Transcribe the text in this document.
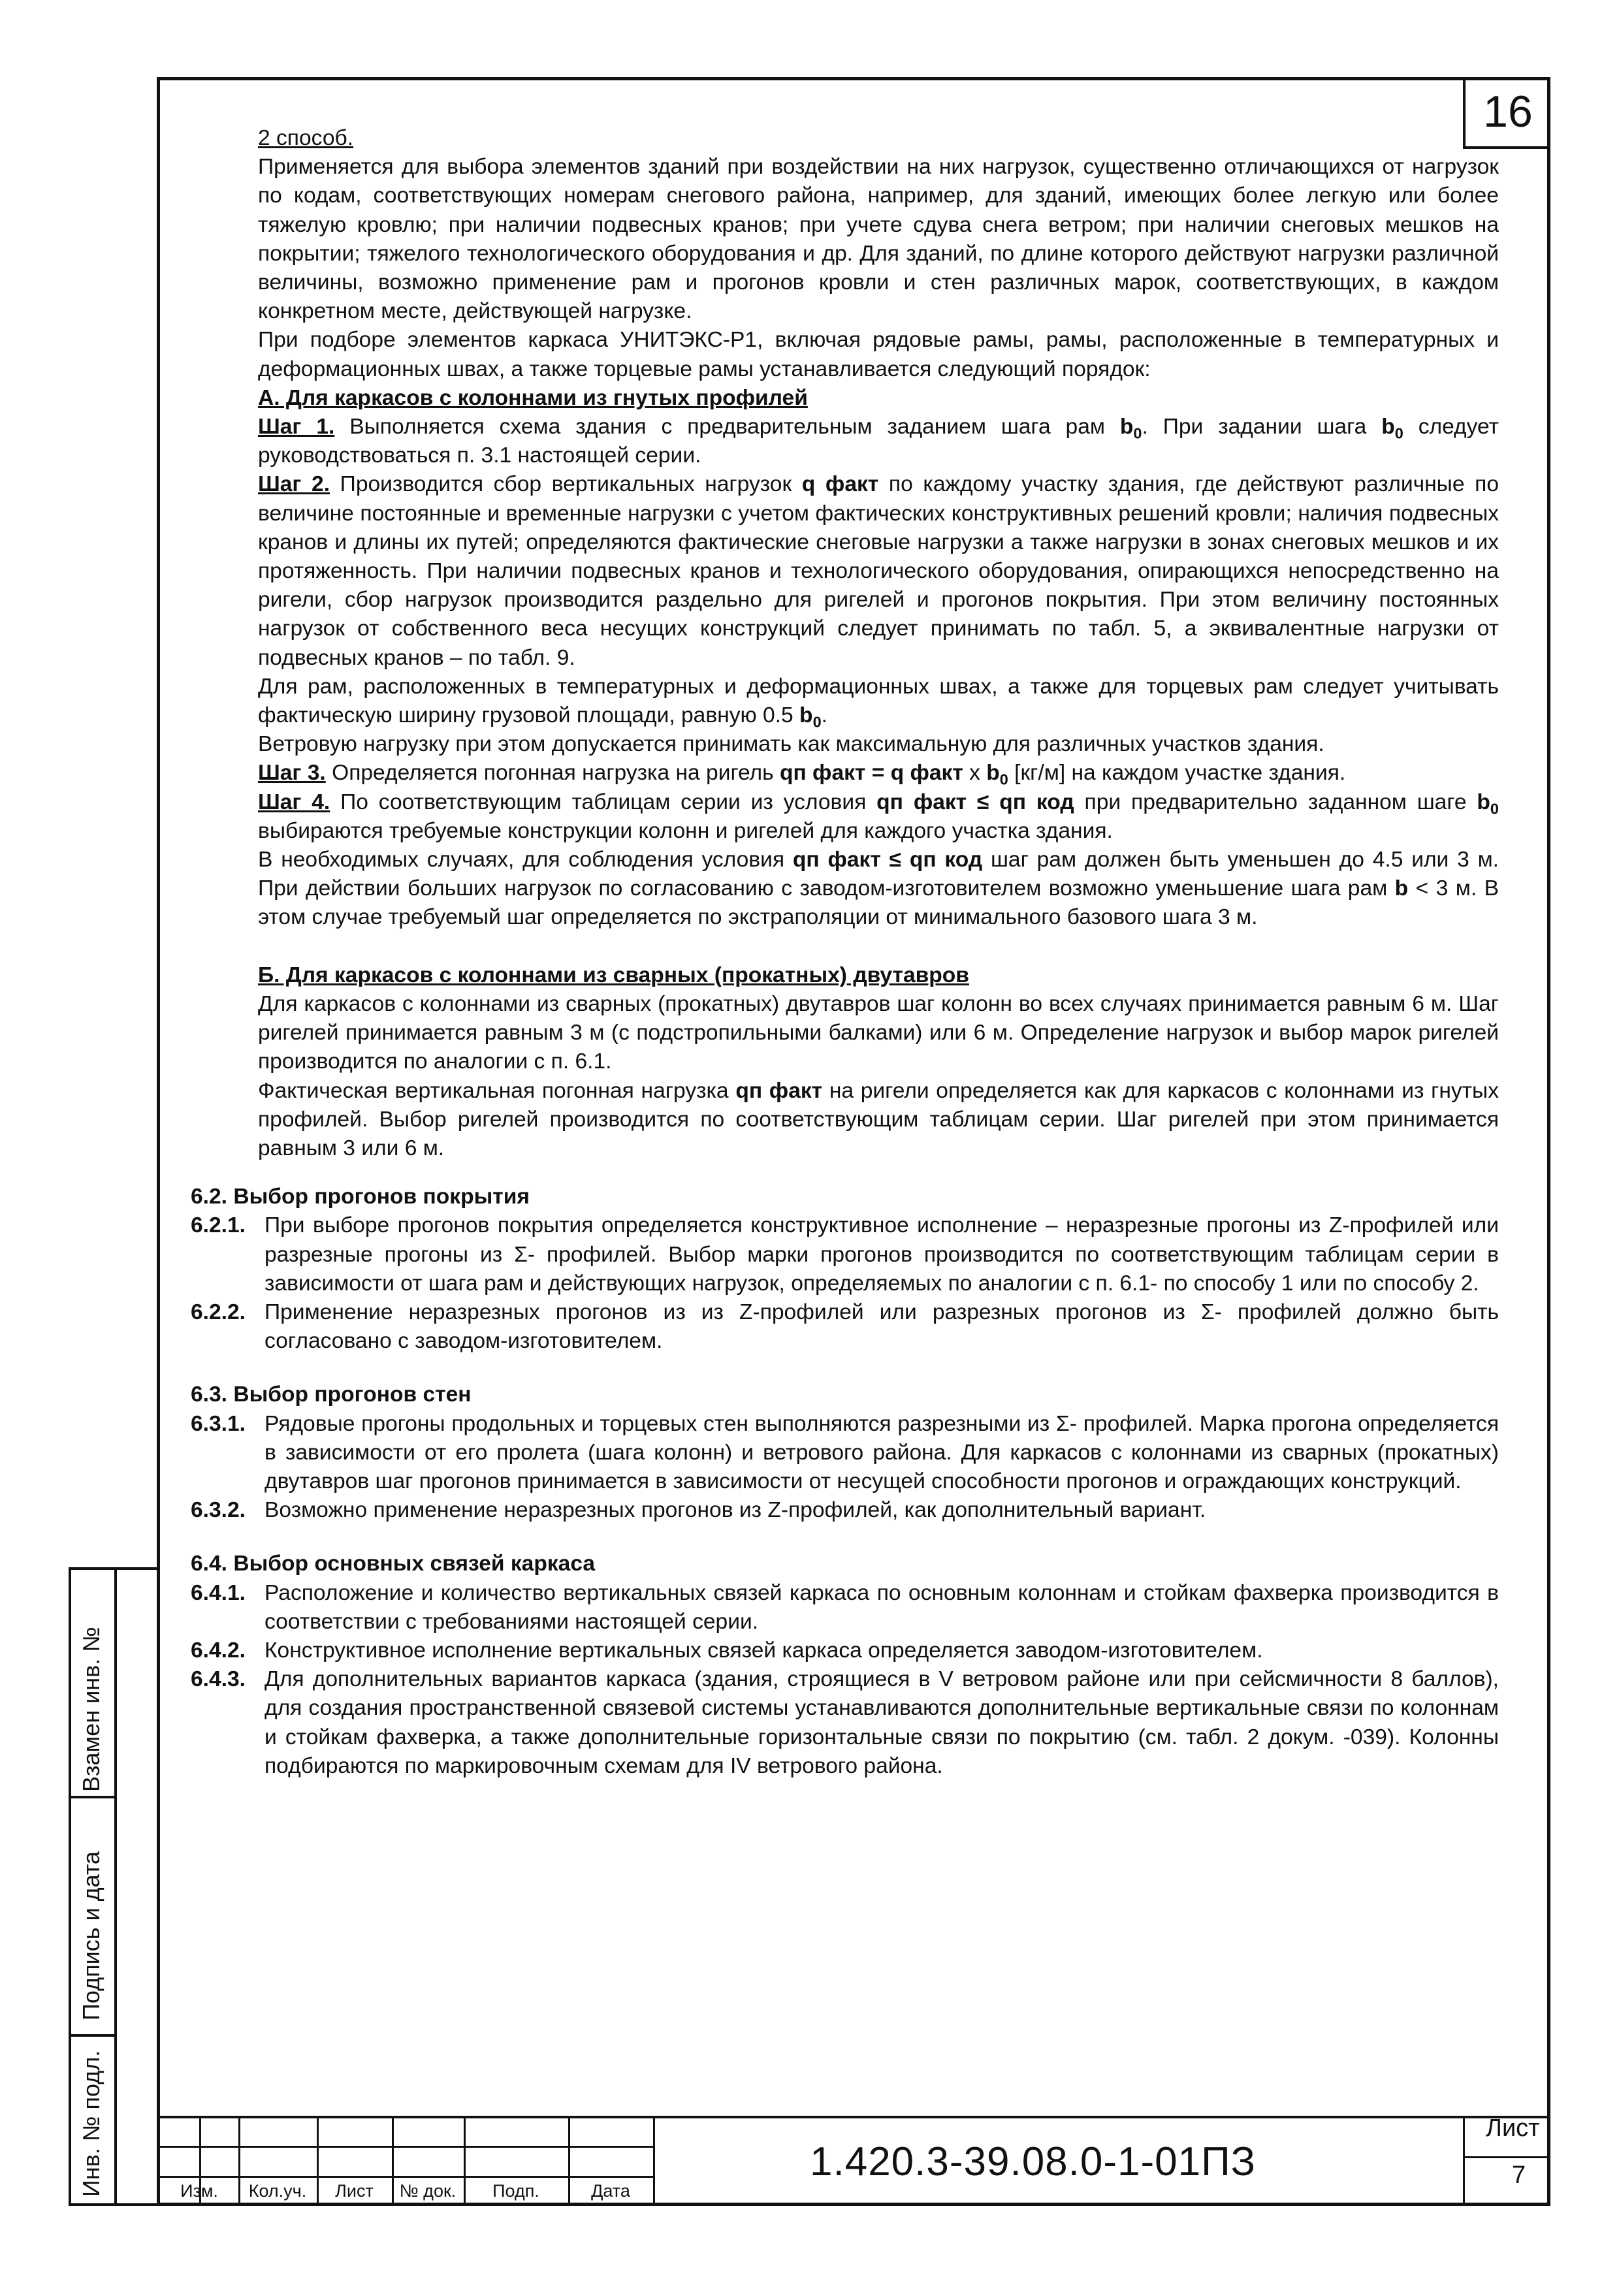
16
2 способ.
Применяется для выбора элементов зданий при воздействии на них нагрузок, существенно отличающихся от нагрузок по кодам, соответствующих номерам снегового района, например, для зданий, имеющих более легкую или более тяжелую кровлю; при наличии подвесных кранов; при учете сдува снега ветром; при наличии снеговых мешков на покрытии; тяжелого технологического оборудования и др. Для зданий, по длине которого действуют нагрузки различной величины, возможно применение рам и прогонов кровли и стен различных марок, соответствующих, в каждом конкретном месте, действующей нагрузке.
При подборе элементов каркаса УНИТЭКС-Р1, включая рядовые рамы, рамы, расположенные в температурных и деформационных швах, а также торцевые рамы устанавливается следующий порядок:
А. Для каркасов с колоннами из гнутых профилей
Шаг 1. Выполняется схема здания с предварительным заданием шага рам $b_0$. При задании шага $b_0$ следует руководствоваться п. 3.1 настоящей серии.
Шаг 2. Производится сбор вертикальных нагрузок q факт по каждому участку здания, где действуют различные по величине постоянные и временные нагрузки с учетом фактических конструктивных решений кровли; наличия подвесных кранов и длины их путей; определяются фактические снеговые нагрузки а также нагрузки в зонах снеговых мешков и их протяженность. При наличии подвесных кранов и технологического оборудования, опирающихся непосредственно на ригели, сбор нагрузок производится раздельно для ригелей и прогонов покрытия. При этом величину постоянных нагрузок от собственного веса несущих конструкций следует принимать по табл. 5, а эквивалентные нагрузки от подвесных кранов – по табл. 9.
Для рам, расположенных в температурных и деформационных швах, а также для торцевых рам следует учитывать фактическую ширину грузовой площади, равную 0.5 $b_0$.
Ветровую нагрузку при этом допускается принимать как максимальную для различных участков здания.
Шаг 3. Определяется погонная нагрузка на ригель qп факт = q факт x $b_0$ [кг/м] на каждом участке здания.
Шаг 4. По соответствующим таблицам серии из условия qп факт ≤ qп код при предварительно заданном шаге $b_0$ выбираются требуемые конструкции колонн и ригелей для каждого участка здания.
В необходимых случаях, для соблюдения условия qп факт ≤ qп код шаг рам должен быть уменьшен до 4.5 или 3 м. При действии больших нагрузок по согласованию с заводом-изготовителем возможно уменьшение шага рам b < 3 м. В этом случае требуемый шаг определяется по экстраполяции от минимального базового шага 3 м.
Б. Для каркасов с колоннами из сварных (прокатных) двутавров
Для каркасов с колоннами из сварных (прокатных) двутавров шаг колонн во всех случаях принимается равным 6 м. Шаг ригелей принимается равным 3 м (с подстропильными балками) или 6 м. Определение нагрузок и выбор марок ригелей производится по аналогии с п. 6.1.
Фактическая вертикальная погонная нагрузка qп факт на ригели определяется как для каркасов с колоннами из гнутых профилей. Выбор ригелей производится по соответствующим таблицам серии. Шаг ригелей при этом принимается равным 3 или 6 м.
6.2. Выбор прогонов покрытия
6.2.1. При выборе прогонов покрытия определяется конструктивное исполнение – неразрезные прогоны из Z-профилей или разрезные прогоны из Σ- профилей. Выбор марки прогонов производится по соответствующим таблицам серии в зависимости от шага рам и действующих нагрузок, определяемых по аналогии с п. 6.1- по способу 1 или по способу 2.
6.2.2. Применение неразрезных прогонов из из Z-профилей или разрезных прогонов из Σ- профилей должно быть согласовано с заводом-изготовителем.
6.3. Выбор прогонов стен
6.3.1. Рядовые прогоны продольных и торцевых стен выполняются разрезными из Σ- профилей. Марка прогона определяется в зависимости от его пролета (шага колонн) и ветрового района. Для каркасов с колоннами из сварных (прокатных) двутавров шаг прогонов принимается в зависимости от несущей способности прогонов и ограждающих конструкций.
6.3.2. Возможно применение неразрезных прогонов из Z-профилей, как дополнительный вариант.
6.4. Выбор основных связей каркаса
6.4.1. Расположение и количество вертикальных связей каркаса по основным колоннам и стойкам фахверка производится в соответствии с требованиями настоящей серии.
6.4.2. Конструктивное исполнение вертикальных связей каркаса определяется заводом-изготовителем.
6.4.3. Для дополнительных вариантов каркаса (здания, строящиеся в V ветровом районе или при сейсмичности 8 баллов), для создания пространственной связевой системы устанавливаются дополнительные вертикальные связи по колоннам и стойкам фахверка, а также дополнительные горизонтальные связи по покрытию (см. табл. 2 докум. -039). Колонны подбираются по маркировочным схемам для IV ветрового района.
Взамен инв. №
Подпись и дата
Инв. № подл.	Изм.	Кол.уч.	Лист	№ док.	Подп.	Дата
1.420.3-39.08.0-1-01ПЗ
Лист
7
